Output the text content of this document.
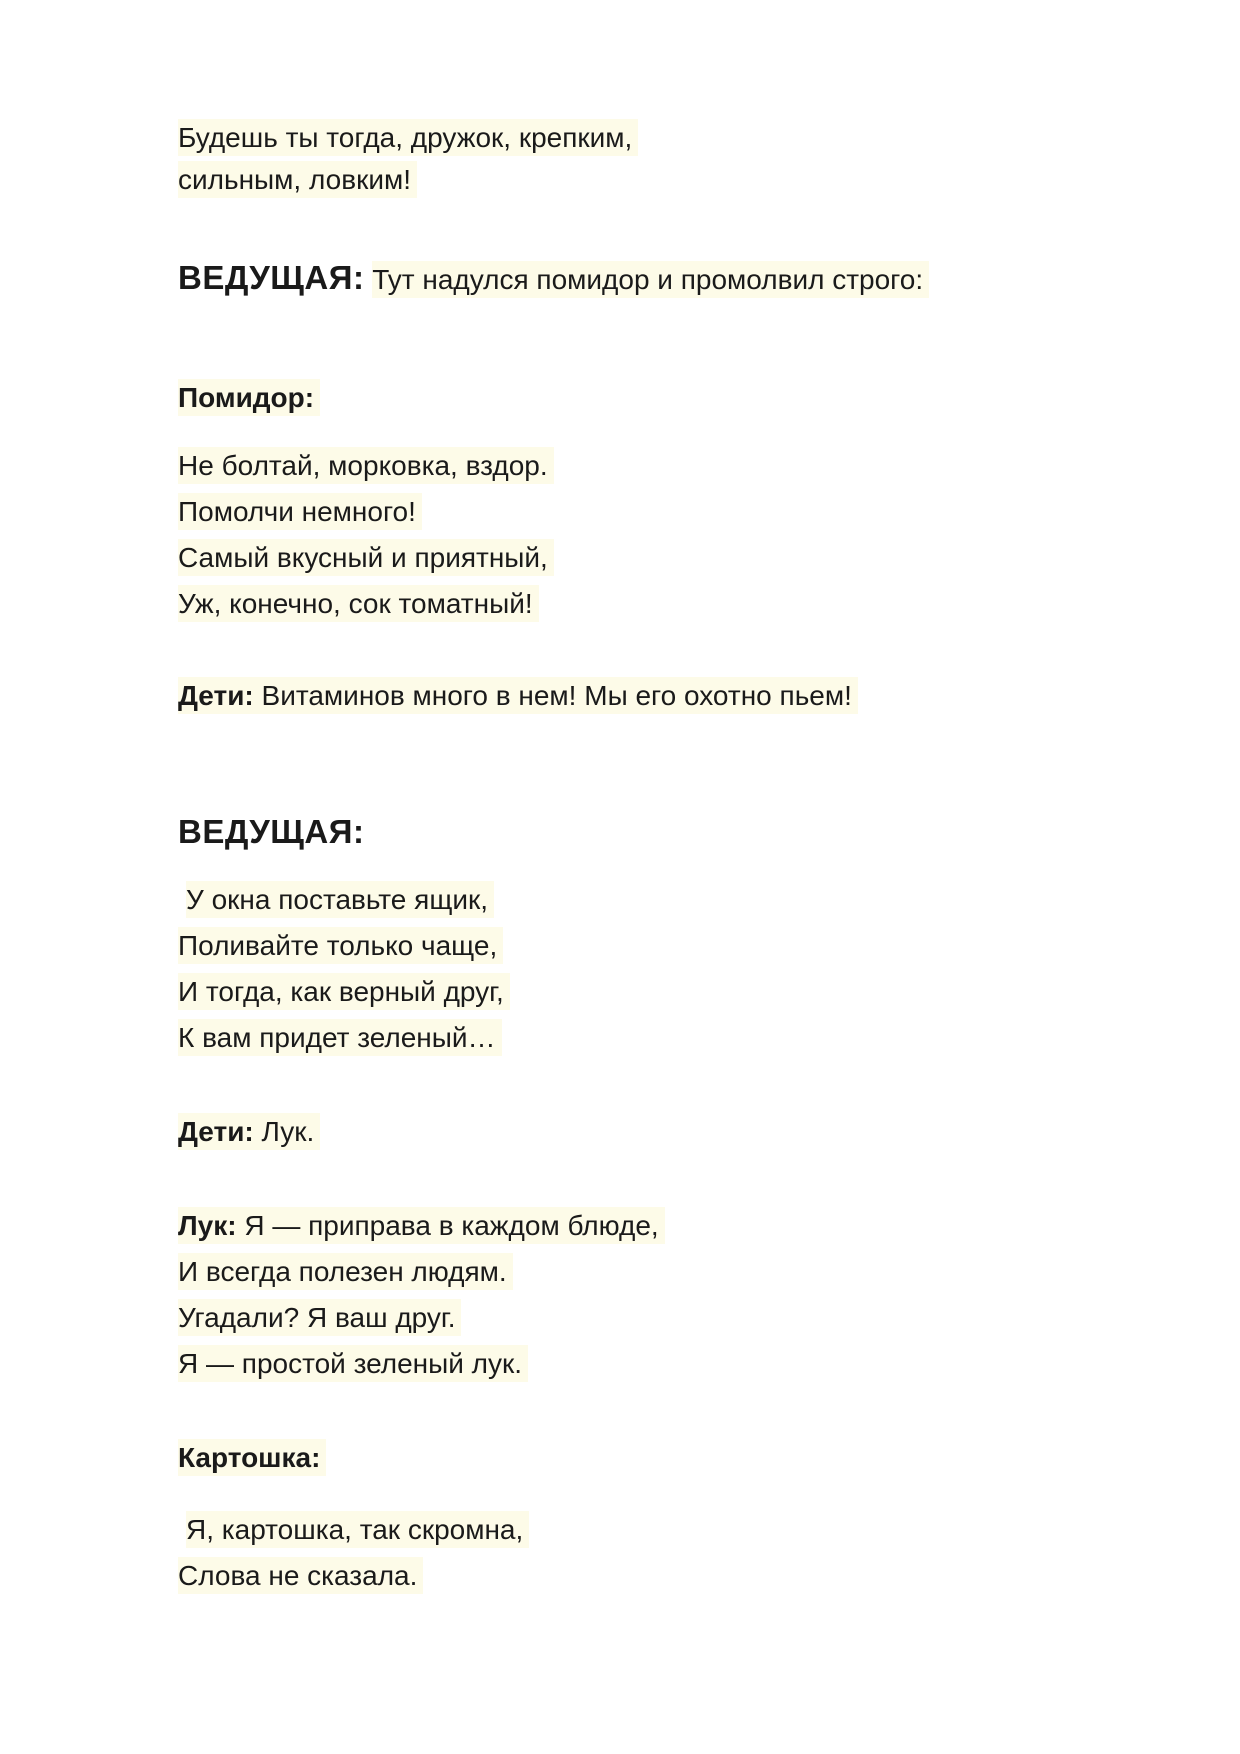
Будешь ты тогда, дружок, крепким,
сильным, ловким!
ВЕДУЩАЯ: Тут надулся помидор и промолвил строго:
Помидор:
Не болтай, морковка, вздор.
Помолчи немного!
Самый вкусный и приятный,
Уж, конечно, сок томатный!
Дети: Витаминов много в нем! Мы его охотно пьем!
ВЕДУЩАЯ:
У окна поставьте ящик,
Поливайте только чаще,
И тогда, как верный друг,
К вам придет зеленый…
Дети: Лук.
Лук: Я — приправа в каждом блюде,
И всегда полезен людям.
Угадали? Я ваш друг.
Я — простой зеленый лук.
Картошка:
Я, картошка, так скромна,
Слова не сказала.
